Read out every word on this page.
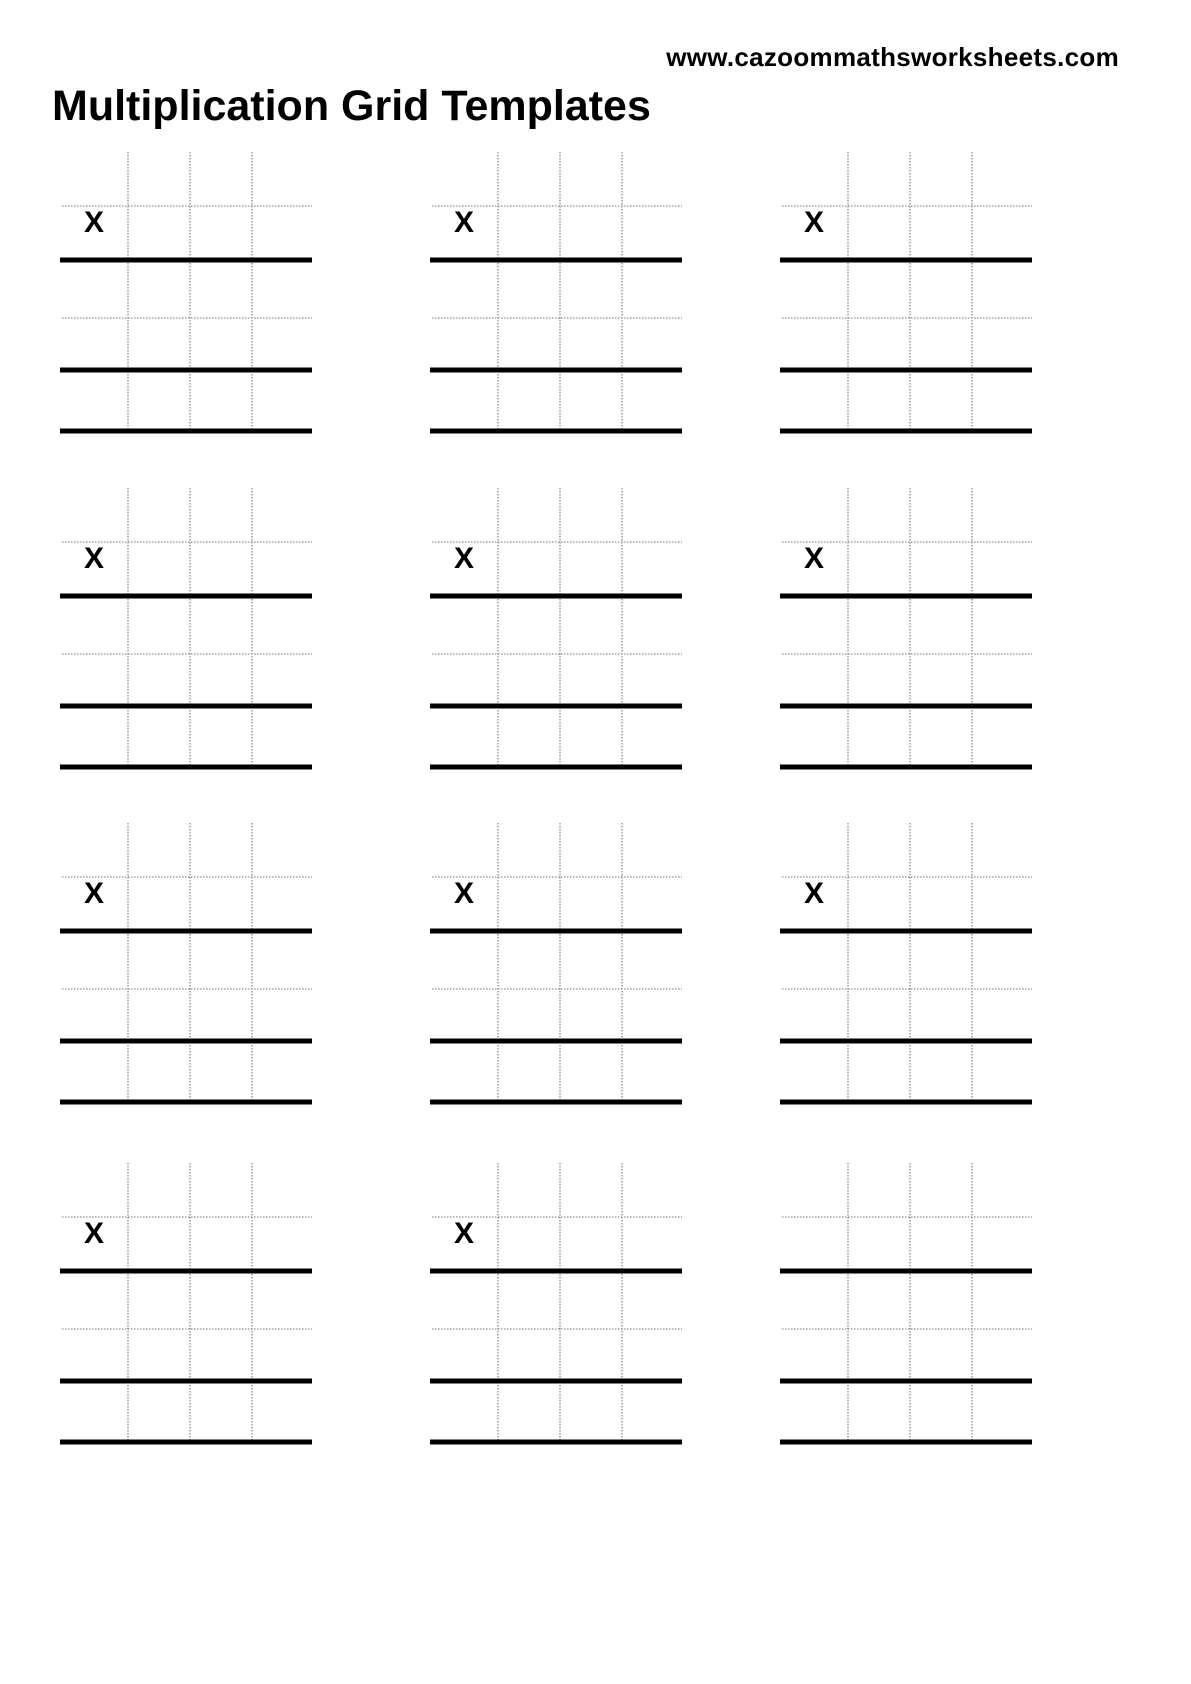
www.cazoommathsworksheets.com
Multiplication Grid Templates
X	X	X
X	X	X
X	X	X
X	X
